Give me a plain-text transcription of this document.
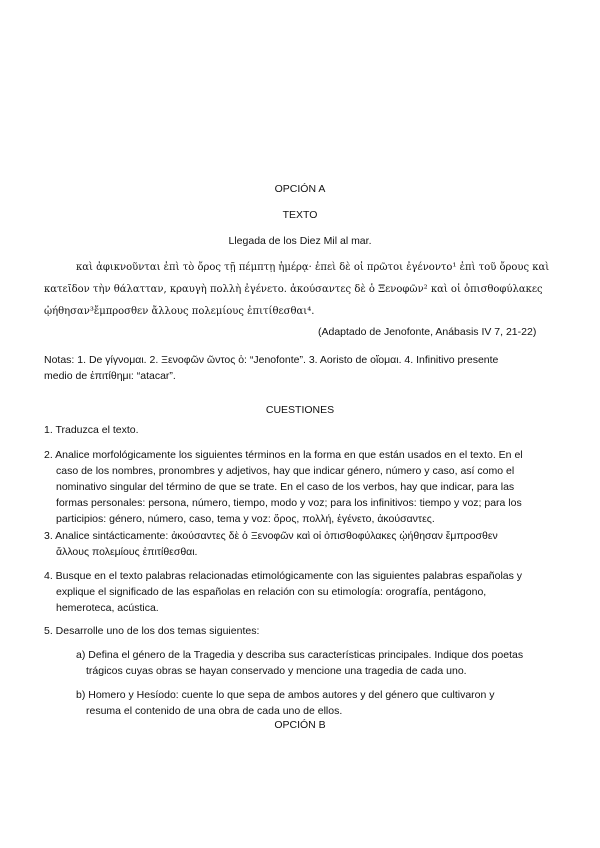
OPCIÓN A
TEXTO
Llegada de los Diez Mil al mar.
καὶ ἀφικνοῦνται ἐπὶ τὸ ὄρος τῇ πέμπτῃ ἡμέρᾳ· ἐπεὶ δὲ οἱ πρῶτοι ἐγένοντο¹ ἐπὶ τοῦ ὄρους καὶ
κατεῖδον τὴν θάλατταν, κραυγὴ πολλὴ ἐγένετο. ἀκούσαντες δὲ ὁ Ξενοφῶν² καὶ οἱ ὀπισθοφύλακες
ᾠήθησαν³ἔμπροσθεν ἄλλους πολεμίους ἐπιτίθεσθαι⁴.
(Adaptado de Jenofonte, Anábasis IV 7, 21-22)
Notas: 1. De γίγνομαι. 2. Ξενοφῶν ῶντος ὁ: “Jenofonte”. 3. Aoristo de οἴομαι. 4. Infinitivo presente
medio de ἐπιτίθημι: “atacar”.
CUESTIONES
1. Traduzca el texto.
2. Analice morfológicamente los siguientes términos en la forma en que están usados en el texto. En el
caso de los nombres, pronombres y adjetivos, hay que indicar género, número y caso, así como el
nominativo singular del término de que se trate. En el caso de los verbos, hay que indicar, para las
formas personales: persona, número, tiempo, modo y voz; para los infinitivos: tiempo y voz; para los
participios: género, número, caso, tema y voz: ὄρος, πολλή, ἐγένετο, ἀκούσαντες.
3. Analice sintácticamente: ἀκούσαντες δὲ ὁ Ξενοφῶν καὶ οἱ ὀπισθοφύλακες ᾠήθησαν ἔμπροσθεν
ἄλλους πολεμίους ἐπιτίθεσθαι.
4. Busque en el texto palabras relacionadas etimológicamente con las siguientes palabras españolas y
explique el significado de las españolas en relación con su etimología: orografía, pentágono,
hemeroteca, acústica.
5. Desarrolle uno de los dos temas siguientes:
a) Defina el género de la Tragedia y describa sus características principales. Indique dos poetas
trágicos cuyas obras se hayan conservado y mencione una tragedia de cada uno.
b) Homero y Hesíodo: cuente lo que sepa de ambos autores y del género que cultivaron y
resuma el contenido de una obra de cada uno de ellos.
OPCIÓN B
